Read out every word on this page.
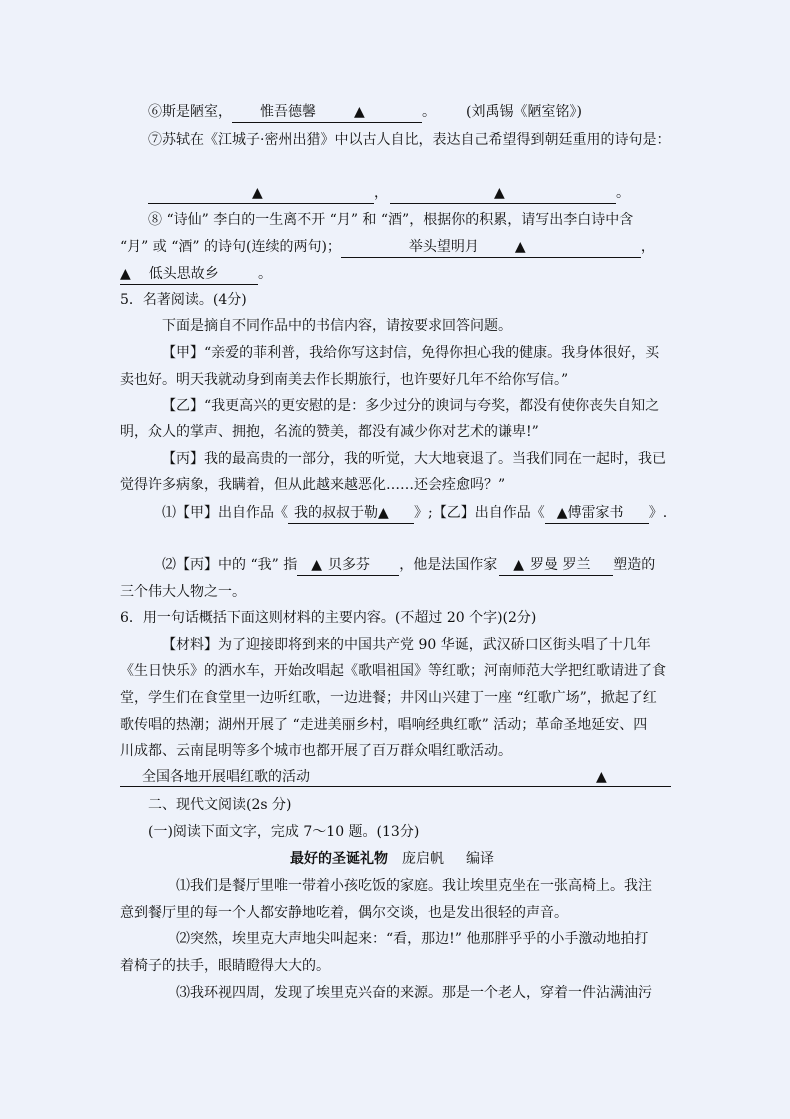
⑥斯是陋室， 惟吾德馨	▲	。 (刘禹锡《陋室铭》)
⑦苏轼在《江城子·密州出猎》中以古人自比，表达自己希望得到朝廷重用的诗句是：
▲	，	▲	。
⑧ “诗仙” 李白的一生离不开 “月” 和 “酒”，根据你的积累，请写出李白诗中含
“月” 或 “酒” 的诗句(连续的两句)；	举头望明月	▲	，
▲ 低头思故乡	。
5．名著阅读。(4分)
下面是摘自不同作品中的书信内容，请按要求回答问题。
【甲】“亲爱的菲利普，我给你写这封信，免得你担心我的健康。我身体很好，买
卖也好。明天我就动身到南美去作长期旅行，也许要好几年不给你写信。”
【乙】“我更高兴的更安慰的是：多少过分的谀词与夸奖，都没有使你丧失自知之
明，众人的掌声、拥抱，名流的赞美，都没有减少你对艺术的谦卑!”
【丙】我的最高贵的一部分，我的听觉，大大地衰退了。当我们同在一起时，我已
觉得许多病象，我瞒着，但从此越来越恶化……还会痊愈吗？”
⑴【甲】出自作品《 我的叔叔于勒▲ 》;【乙】出自作品《 ▲傅雷家书 》.
⑵【丙】中的 “我” 指 ▲ 贝多芬 ，他是法国作家 ▲ 罗曼 罗兰 塑造的
三个伟大人物之一。
6．用一句话概括下面这则材料的主要内容。(不超过 20 个字)(2分)
【材料】为了迎接即将到来的中国共产党 90 华诞，武汉硚口区街头唱了十几年
《生日快乐》的洒水车，开始改唱起《歌唱祖国》等红歌；河南师范大学把红歌请进了食
堂，学生们在食堂里一边听红歌，一边进餐；井冈山兴建丁一座 “红歌广场”，掀起了红
歌传唱的热潮；湖州开展了 “走进美丽乡村，唱响经典红歌” 活动；革命圣地延安、四
川成都、云南昆明等多个城市也都开展了百万群众唱红歌活动。
全国各地开展唱红歌的活动	▲
二、现代文阅读(2s 分)
(一)阅读下面文字，完成 7～10 题。(13分)
最好的圣诞礼物 庞启帆 编译
⑴我们是餐厅里唯一带着小孩吃饭的家庭。我让埃里克坐在一张高椅上。我注
意到餐厅里的每一个人都安静地吃着，偶尔交谈，也是发出很轻的声音。
⑵突然，埃里克大声地尖叫起来：“看，那边!” 他那胖乎乎的小手激动地拍打
着椅子的扶手，眼睛瞪得大大的。
⑶我环视四周，发现了埃里克兴奋的来源。那是一个老人，穿着一件沾满油污
